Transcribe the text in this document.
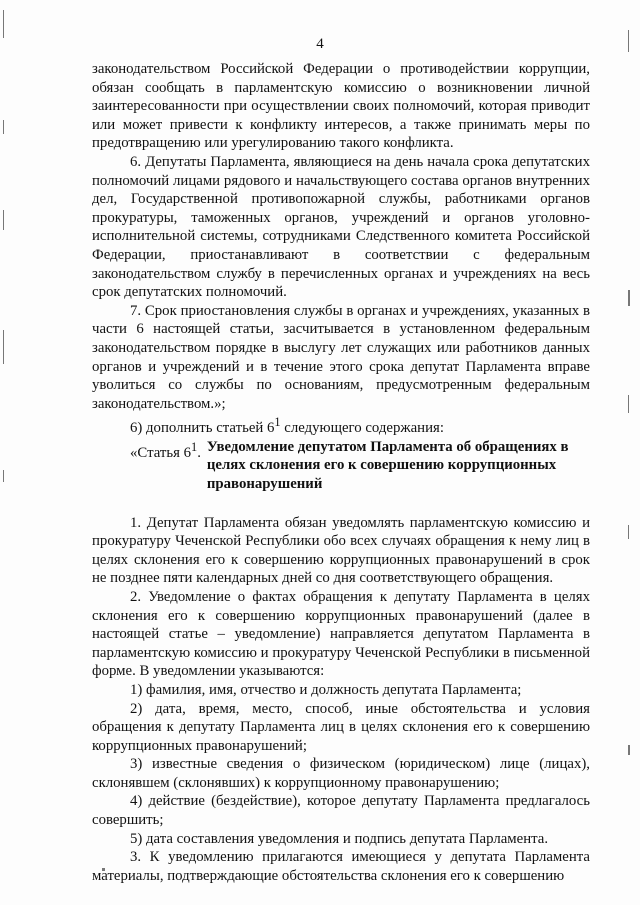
4

законодательством Российской Федерации о противодействии коррупции, обязан сообщать в парламентскую комиссию о возникновении личной заинтересованности при осуществлении своих полномочий, которая приводит или может привести к конфликту интересов, а также принимать меры по предотвращению или урегулированию такого конфликта.

6. Депутаты Парламента, являющиеся на день начала срока депутатских полномочий лицами рядового и начальствующего состава органов внутренних дел, Государственной противопожарной службы, работниками органов прокуратуры, таможенных органов, учреждений и органов уголовно-исполнительной системы, сотрудниками Следственного комитета Российской Федерации, приостанавливают в соответствии с федеральным законодательством службу в перечисленных органах и учреждениях на весь срок депутатских полномочий.

7. Срок приостановления службы в органах и учреждениях, указанных в части 6 настоящей статьи, засчитывается в установленном федеральным законодательством порядке в выслугу лет служащих или работников данных органов и учреждений и в течение этого срока депутат Парламента вправе уволиться со службы по основаниям, предусмотренным федеральным законодательством.»;

6) дополнить статьей $6^1$ следующего содержания:

«Статья $6^1$. Уведомление депутатом Парламента об обращениях в целях склонения его к совершению коррупционных правонарушений

1. Депутат Парламента обязан уведомлять парламентскую комиссию и прокуратуру Чеченской Республики обо всех случаях обращения к нему лиц в целях склонения его к совершению коррупционных правонарушений в срок не позднее пяти календарных дней со дня соответствующего обращения.

2. Уведомление о фактах обращения к депутату Парламента в целях склонения его к совершению коррупционных правонарушений (далее в настоящей статье – уведомление) направляется депутатом Парламента в парламентскую комиссию и прокуратуру Чеченской Республики в письменной форме. В уведомлении указываются:

1) фамилия, имя, отчество и должность депутата Парламента;

2) дата, время, место, способ, иные обстоятельства и условия обращения к депутату Парламента лиц в целях склонения его к совершению коррупционных правонарушений;

3) известные сведения о физическом (юридическом) лице (лицах), склонявшем (склонявших) к коррупционному правонарушению;

4) действие (бездействие), которое депутату Парламента предлагалось совершить;

5) дата составления уведомления и подпись депутата Парламента.

3. К уведомлению прилагаются имеющиеся у депутата Парламента материалы, подтверждающие обстоятельства склонения его к совершению
